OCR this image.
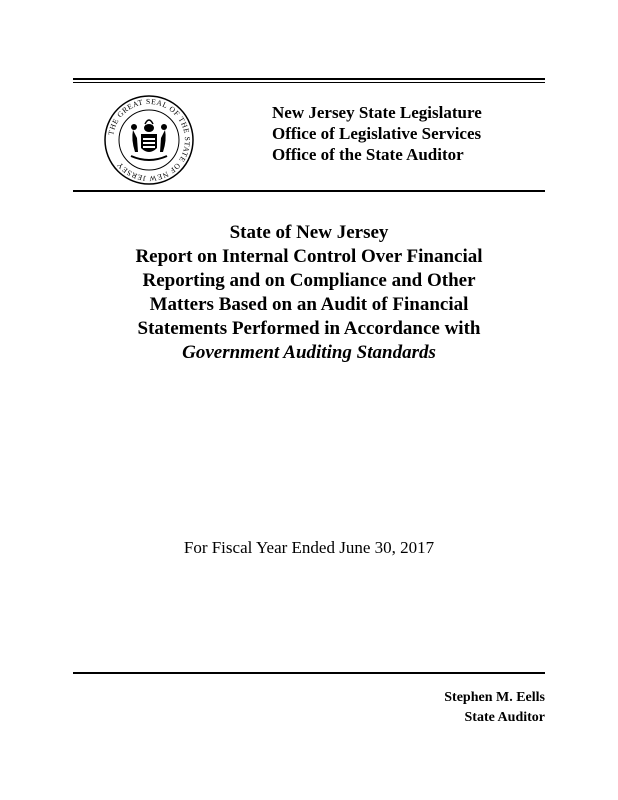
THE GREAT SEAL OF THE STATE OF NEW JERSEY
New Jersey State Legislature
Office of Legislative Services
Office of the State Auditor
State of New Jersey
Report on Internal Control Over Financial
Reporting and on Compliance and Other
Matters Based on an Audit of Financial
Statements Performed in Accordance with
Government Auditing Standards
For Fiscal Year Ended June 30, 2017
Stephen M. Eells
State Auditor
